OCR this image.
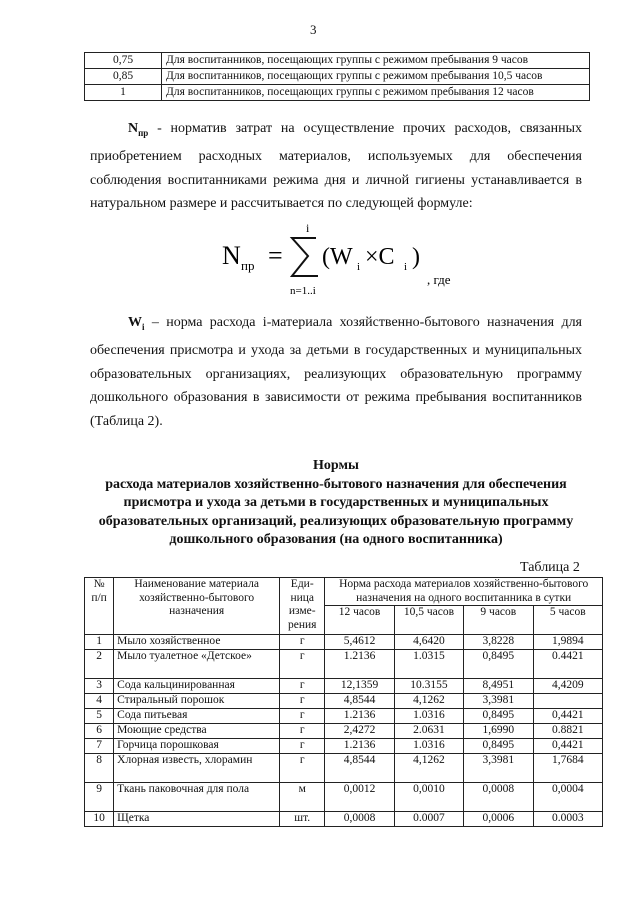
3
0,75	Для воспитанников, посещающих группы с режимом пребывания 9 часов
0,85	Для воспитанников, посещающих группы с режимом пребывания 10,5 часов
1	Для воспитанников, посещающих группы с режимом пребывания 12 часов
$N_{пр}$ - норматив затрат на осуществление прочих расходов, связанных приобретением расходных материалов, используемых для обеспечения соблюдения воспитанниками режима дня и личной гигиены устанавливается в натуральном размере и рассчитывается по следующей формуле:
N пр =
i
n=1..i
(W i ×C i )
, где
$W_i$ – норма расхода i-материала хозяйственно-бытового назначения для обеспечения присмотра и ухода за детьми в государственных и муниципальных образовательных организациях, реализующих образовательную программу дошкольного образования в зависимости от режима пребывания воспитанников (Таблица 2).
Нормы
расхода материалов хозяйственно-бытового назначения для обеспечения присмотра и ухода за детьми в государственных и муниципальных образовательных организаций, реализующих образовательную программу дошкольного образования (на одного воспитанника)
Таблица 2
№ п/п	Наименование материала хозяйственно-бытового назначения	Еди-ница изме-рения	Норма расхода материалов хозяйственно-бытового назначения на одного воспитанника в сутки			
			12 часов	10,5 часов	9 часов	5 часов
1	Мыло хозяйственное	г	5,4612	4,6420	3,8228	1,9894
2	Мыло туалетное «Детское»	г	1.2136	1.0315	0,8495	0.4421
3	Сода кальцинированная	г	12,1359	10.3155	8,4951	4,4209
4	Стиральный порошок	г	4,8544	4,1262	3,3981	
5	Сода питьевая	г	1.2136	1.0316	0,8495	0,4421
6	Моющие средства	г	2,4272	2.0631	1,6990	0.8821
7	Горчица порошковая	г	1.2136	1.0316	0,8495	0,4421
8	Хлорная известь, хлорамин	г	4,8544	4,1262	3,3981	1,7684
9	Ткань паковочная для пола	м	0,0012	0,0010	0,0008	0,0004
10	Щетка	шт.	0,0008	0.0007	0,0006	0.0003
